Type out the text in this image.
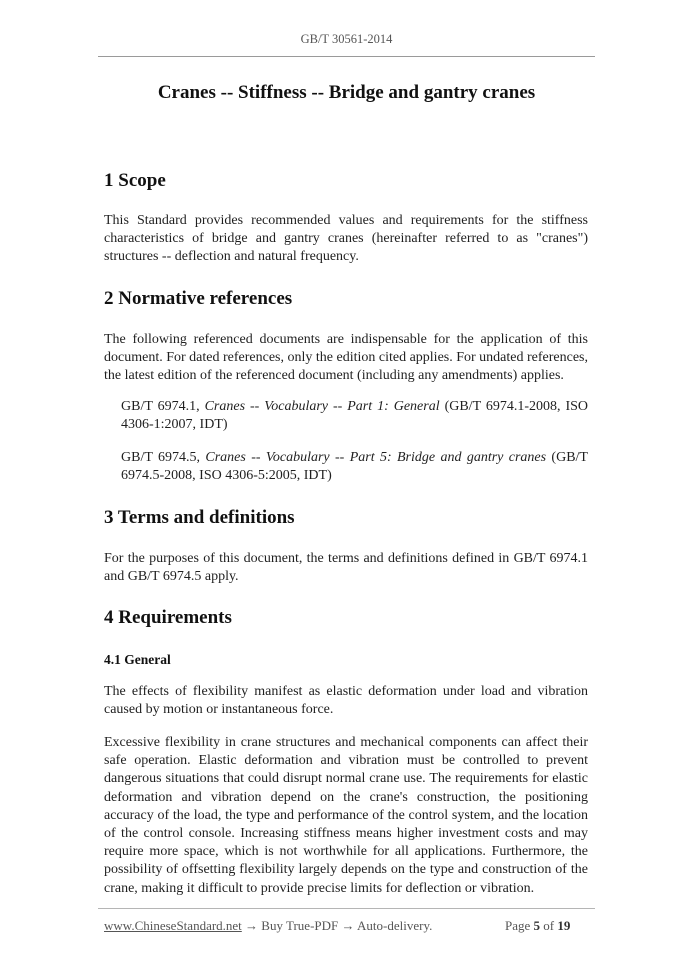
GB/T 30561-2014
Cranes -- Stiffness -- Bridge and gantry cranes
1 Scope

This Standard provides recommended values and requirements for the stiffness characteristics of bridge and gantry cranes (hereinafter referred to as "cranes") structures -- deflection and natural frequency.

2 Normative references

The following referenced documents are indispensable for the application of this document. For dated references, only the edition cited applies. For undated references, the latest edition of the referenced document (including any amendments) applies.

GB/T 6974.1, Cranes -- Vocabulary -- Part 1: General (GB/T 6974.1-2008, ISO 4306-1:2007, IDT)

GB/T 6974.5, Cranes -- Vocabulary -- Part 5: Bridge and gantry cranes (GB/T 6974.5-2008, ISO 4306-5:2005, IDT)

3 Terms and definitions

For the purposes of this document, the terms and definitions defined in GB/T 6974.1 and GB/T 6974.5 apply.

4 Requirements
4.1 General

The effects of flexibility manifest as elastic deformation under load and vibration caused by motion or instantaneous force.

Excessive flexibility in crane structures and mechanical components can affect their safe operation. Elastic deformation and vibration must be controlled to prevent dangerous situations that could disrupt normal crane use. The requirements for elastic deformation and vibration depend on the crane's construction, the positioning accuracy of the load, the type and performance of the control system, and the location of the control console. Increasing stiffness means higher investment costs and may require more space, which is not worthwhile for all applications. Furthermore, the possibility of offsetting flexibility largely depends on the type and construction of the crane, making it difficult to provide precise limits for deflection or vibration.

www.ChineseStandard.net → Buy True-PDF → Auto-delivery.	Page 5 of 19
